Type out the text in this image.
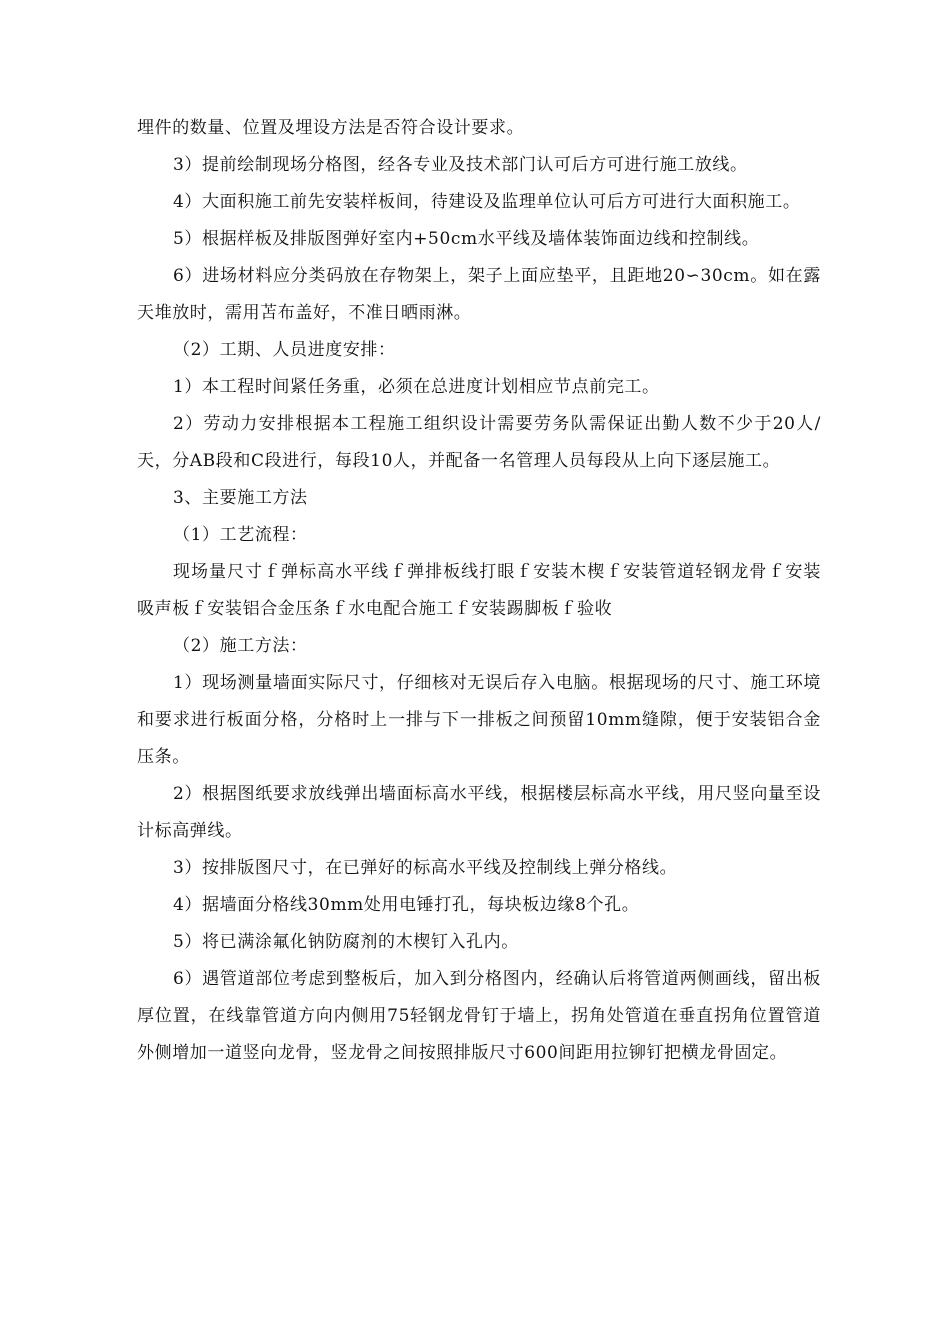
埋件的数量、位置及埋设方法是否符合设计要求。

3）提前绘制现场分格图，经各专业及技术部门认可后方可进行施工放线。

4）大面积施工前先安装样板间，待建设及监理单位认可后方可进行大面积施工。

5）根据样板及排版图弹好室内+50cm水平线及墙体装饰面边线和控制线。

6）进场材料应分类码放在存物架上，架子上面应垫平，且距地20∽30cm。如在露天堆放时，需用苫布盖好，不准日晒雨淋。

（2）工期、人员进度安排：

1）本工程时间紧任务重，必须在总进度计划相应节点前完工。

2）劳动力安排根据本工程施工组织设计需要劳务队需保证出勤人数不少于20人/天，分AB段和C段进行，每段10人，并配备一名管理人员每段从上向下逐层施工。

3、主要施工方法

（1）工艺流程：

现场量尺寸ｆ弹标高水平线ｆ弹排板线打眼ｆ安装木楔ｆ安装管道轻钢龙骨ｆ安装吸声板ｆ安装铝合金压条ｆ水电配合施工ｆ安装踢脚板ｆ验收

（2）施工方法：

1）现场测量墙面实际尺寸，仔细核对无误后存入电脑。根据现场的尺寸、施工环境和要求进行板面分格，分格时上一排与下一排板之间预留10mm缝隙，便于安装铝合金压条。

2）根据图纸要求放线弹出墙面标高水平线，根据楼层标高水平线，用尺竖向量至设计标高弹线。

3）按排版图尺寸，在已弹好的标高水平线及控制线上弹分格线。

4）据墙面分格线30mm处用电锤打孔，每块板边缘8个孔。

5）将已满涂氟化钠防腐剂的木楔钉入孔内。

6）遇管道部位考虑到整板后，加入到分格图内，经确认后将管道两侧画线，留出板厚位置，在线靠管道方向内侧用75轻钢龙骨钉于墙上，拐角处管道在垂直拐角位置管道外侧增加一道竖向龙骨，竖龙骨之间按照排版尺寸600间距用拉铆钉把横龙骨固定。
